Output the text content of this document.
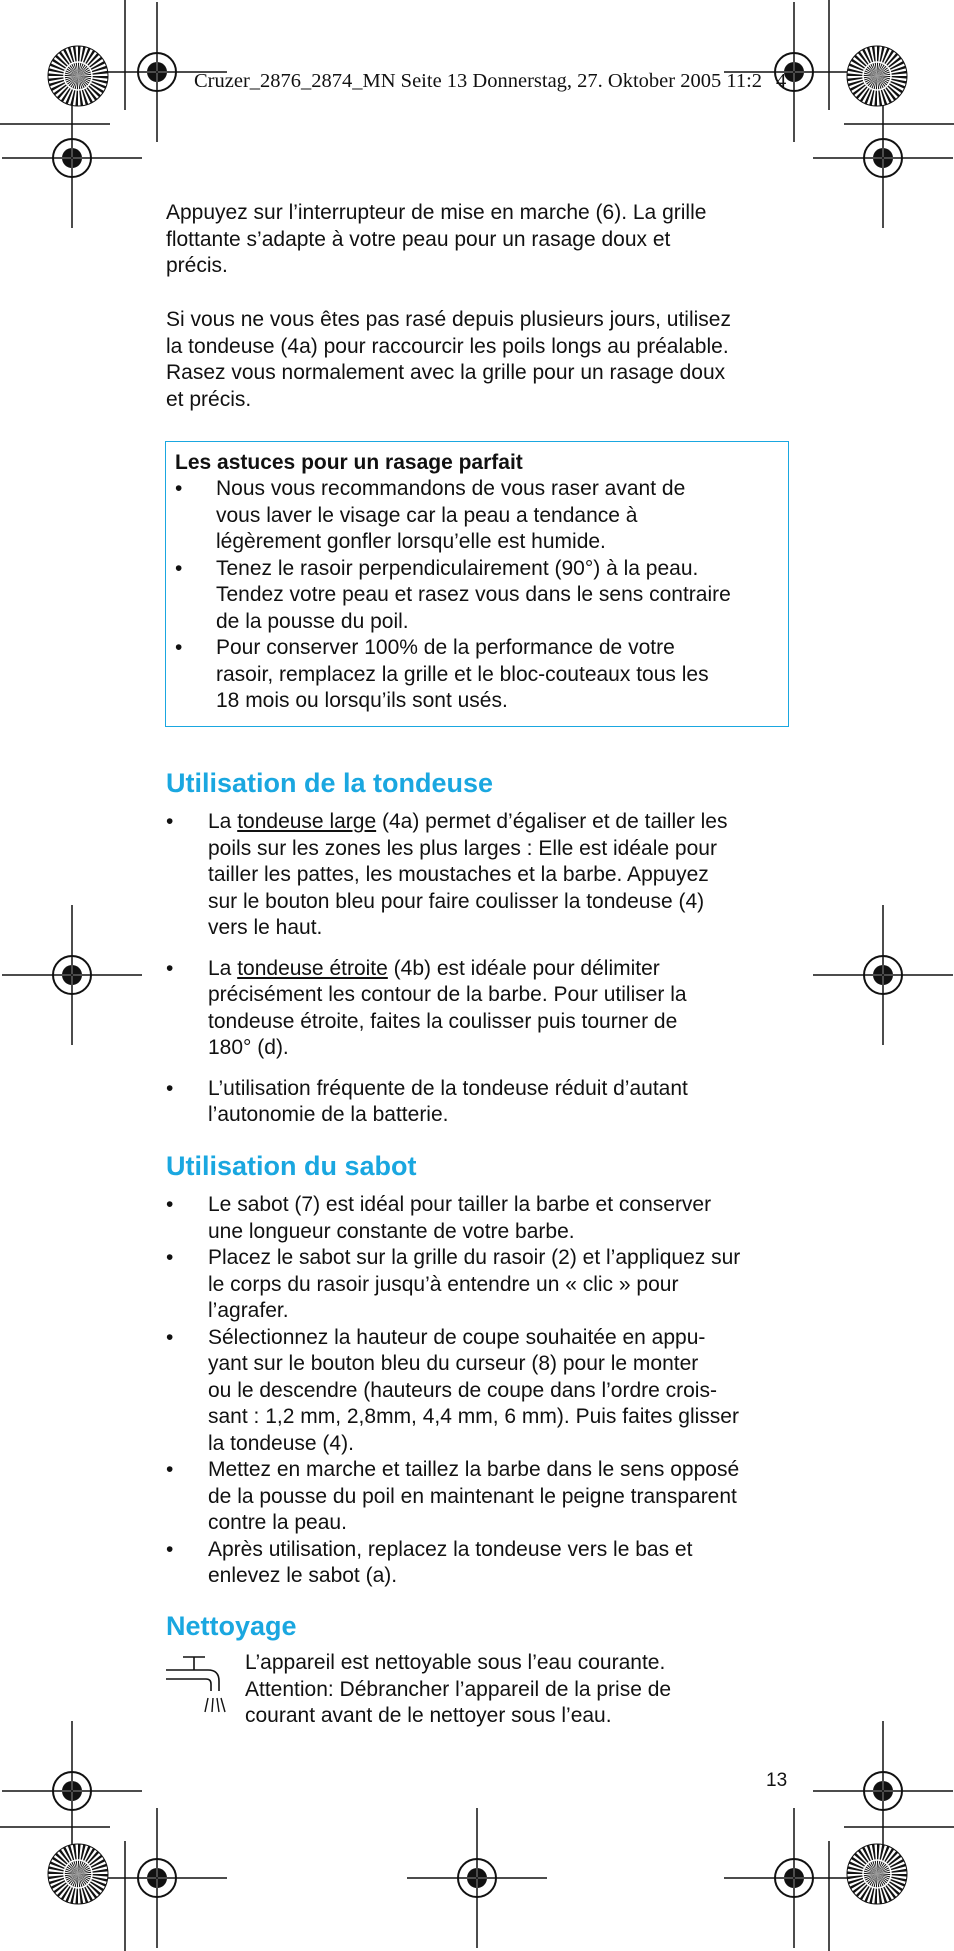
Cruzer_2876_2874_MN Seite 13 Donnerstag, 27. Oktober 2005 11:2 4
Appuyez sur l’interrupteur de mise en marche (6). La grille
flottante s’adapte à votre peau pour un rasage doux et
précis.
Si vous ne vous êtes pas rasé depuis plusieurs jours, utilisez
la tondeuse (4a) pour raccourcir les poils longs au préalable.
Rasez vous normalement avec la grille pour un rasage doux
et précis.
Les astuces pour un rasage parfait
• Nous vous recommandons de vous raser avant de
vous laver le visage car la peau a tendance à
légèrement gonfler lorsqu’elle est humide.
• Tenez le rasoir perpendiculairement (90°) à la peau.
Tendez votre peau et rasez vous dans le sens contraire
de la pousse du poil.
• Pour conserver 100% de la performance de votre
rasoir, remplacez la grille et le bloc-couteaux tous les
18 mois ou lorsqu’ils sont usés.
Utilisation de la tondeuse
• La tondeuse large (4a) permet d’égaliser et de tailler les
poils sur les zones les plus larges : Elle est idéale pour
tailler les pattes, les moustaches et la barbe. Appuyez
sur le bouton bleu pour faire coulisser la tondeuse (4)
vers le haut.
• La tondeuse étroite (4b) est idéale pour délimiter
précisément les contour de la barbe. Pour utiliser la
tondeuse étroite, faites la coulisser puis tourner de
180° (d).
• L’utilisation fréquente de la tondeuse réduit d’autant
l’autonomie de la batterie.
Utilisation du sabot
• Le sabot (7) est idéal pour tailler la barbe et conserver
une longueur constante de votre barbe.
• Placez le sabot sur la grille du rasoir (2) et l’appliquez sur
le corps du rasoir jusqu’à entendre un « clic » pour
l’agrafer.
• Sélectionnez la hauteur de coupe souhaitée en appu-
yant sur le bouton bleu du curseur (8) pour le monter
ou le descendre (hauteurs de coupe dans l’ordre crois-
sant : 1,2 mm, 2,8mm, 4,4 mm, 6 mm). Puis faites glisser
la tondeuse (4).
• Mettez en marche et taillez la barbe dans le sens opposé
de la pousse du poil en maintenant le peigne transparent
contre la peau.
• Après utilisation, replacez la tondeuse vers le bas et
enlevez le sabot (a).
Nettoyage
L’appareil est nettoyable sous l’eau courante.
Attention: Débrancher l’appareil de la prise de
courant avant de le nettoyer sous l’eau.
13
